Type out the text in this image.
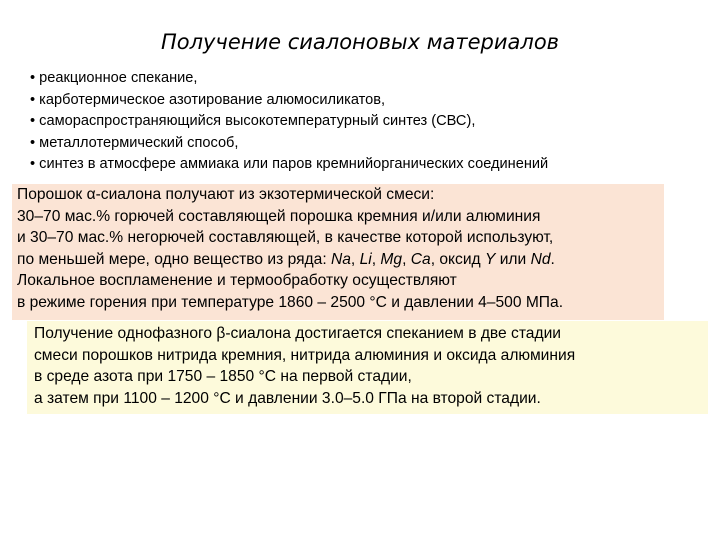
Получение сиалоновых материалов
• реакционное спекание,
• карботермическое азотирование алюмосиликатов,
• самораспространяющийся высокотемпературный синтез (СВС),
• металлотермический способ,
• синтез в атмосфере аммиака или паров кремнийорганических соединений
Порошок α-сиалона получают из экзотермической смеси:
30–70 мас.% горючей составляющей порошка кремния и/или алюминия
и 30–70 мас.% негорючей составляющей, в качестве которой используют,
по меньшей мере, одно вещество из ряда: Na, Li, Mg, Ca, оксид Y или Nd.
Локальное воспламенение и термообработку осуществляют
в режиме горения при температуре 1860 – 2500 °С и давлении 4–500 МПа.
Получение однофазного β-сиалона достигается спеканием в две стадии
смеси порошков нитрида кремния, нитрида алюминия и оксида алюминия
в среде азота при 1750 – 1850 °С на первой стадии,
а затем при 1100 – 1200 °С и давлении 3.0–5.0 ГПа на второй стадии.
